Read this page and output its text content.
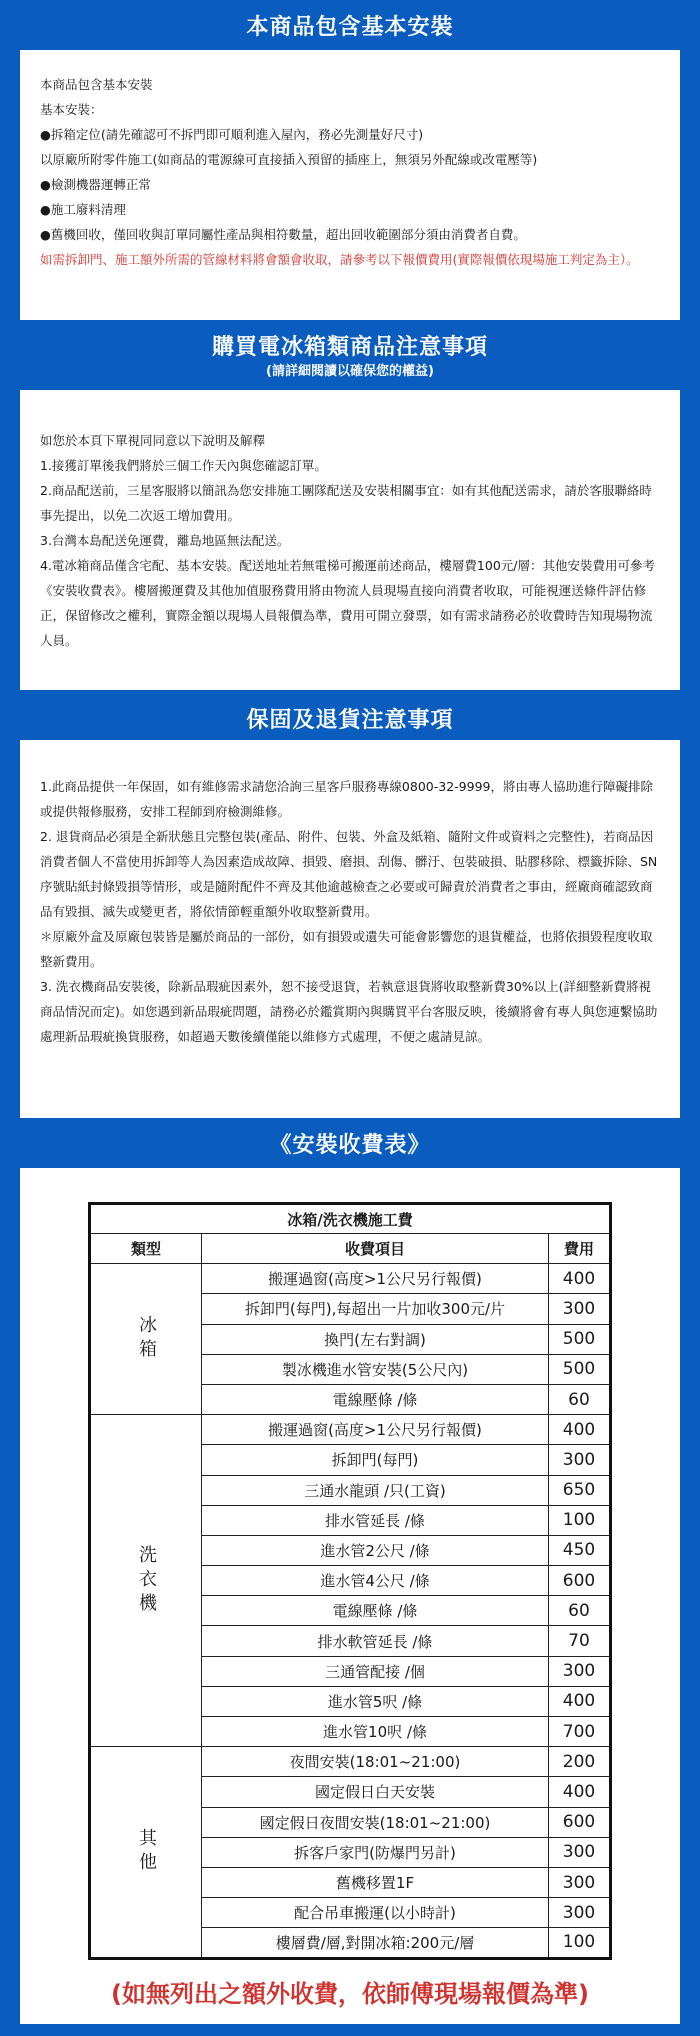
本商品包含基本安裝

本商品包含基本安裝

基本安裝：

●拆箱定位(請先確認可不拆門即可順利進入屋內，務必先測量好尺寸)

以原廠所附零件施工(如商品的電源線可直接插入預留的插座上，無須另外配線或改電壓等)

●檢測機器運轉正常

●施工廢料清理

●舊機回收，僅回收與訂單同屬性產品與相符數量，超出回收範圍部分須由消費者自費。

如需拆卸門、施工額外所需的管線材料將會額會收取，請參考以下報價費用(實際報價依現場施工判定為主）。

購買電冰箱類商品注意事項
(請詳細閱讀以確保您的權益)

如您於本頁下單視同同意以下說明及解釋

1.接獲訂單後我們將於三個工作天內與您確認訂單。

2.商品配送前，三星客服將以簡訊為您安排施工團隊配送及安裝相關事宜：如有其他配送需求，請於客服聯絡時事先提出，以免二次返工增加費用。

3.台灣本島配送免運費，離島地區無法配送。

4.電冰箱商品僅含宅配、基本安裝。配送地址若無電梯可搬運前述商品，樓層費100元/層：其他安裝費用可參考《安裝收費表》。樓層搬運費及其他加值服務費用將由物流人員現場直接向消費者收取，可能視運送條件評估修正，保留修改之權利，實際金額以現場人員報價為準，費用可開立發票，如有需求請務必於收費時告知現場物流人員。

保固及退貨注意事項

1.此商品提供一年保固，如有維修需求請您洽詢三星客戶服務專線0800-32-9999，將由專人協助進行障礙排除或提供報修服務，安排工程師到府檢測維修。

2. 退貨商品必須是全新狀態且完整包裝(產品、附件、包裝、外盒及紙箱、隨附文件或資料之完整性)，若商品因消費者個人不當使用拆卸等人為因素造成故障、損毀、磨損、刮傷、髒汙、包裝破損、貼膠移除、標籤拆除、SN序號貼紙封條毀損等情形，或是隨附配件不齊及其他逾越檢查之必要或可歸責於消費者之事由，經廠商確認致商品有毀損、滅失或變更者，將依情節輕重額外收取整新費用。

＊原廠外盒及原廠包裝皆是屬於商品的一部份，如有損毀或遺失可能會影響您的退貨權益，也將依損毀程度收取整新費用。

3. 洗衣機商品安裝後，除新品瑕疵因素外，恕不接受退貨，若執意退貨將收取整新費30%以上(詳細整新費將視商品情況而定)。如您遇到新品瑕疵問題，請務必於鑑賞期內與購買平台客服反映，後續將會有專人與您連繫協助處理新品瑕疵換貨服務，如超過天數後續僅能以維修方式處理，不便之處請見諒。

《安裝收費表》
冰箱/洗衣機施工費		
類型	收費項目	費用
冰箱	搬運過窗(高度>1公尺另行報價)	400
	拆卸門(每門),每超出一片加收300元/片	300
	換門(左右對調)	500
	製冰機進水管安裝(5公尺內)	500
	電線壓條 /條	60
洗衣機	搬運過窗(高度>1公尺另行報價)	400
	拆卸門(每門)	300
	三通水龍頭 /只(工資)	650
	排水管延長 /條	100
	進水管2公尺 /條	450
	進水管4公尺 /條	600
	電線壓條 /條	60
	排水軟管延長 /條	70
	三通管配接 /個	300
	進水管5呎 /條	400
	進水管10呎 /條	700
其他	夜間安裝(18:01~21:00)	200
	國定假日白天安裝	400
	國定假日夜間安裝(18:01~21:00)	600
	拆客戶家門(防爆門另計)	300
	舊機移置1F	300
	配合吊車搬運(以小時計)	300
	樓層費/層,對開冰箱:200元/層	100
(如無列出之額外收費，依師傅現場報價為準)
